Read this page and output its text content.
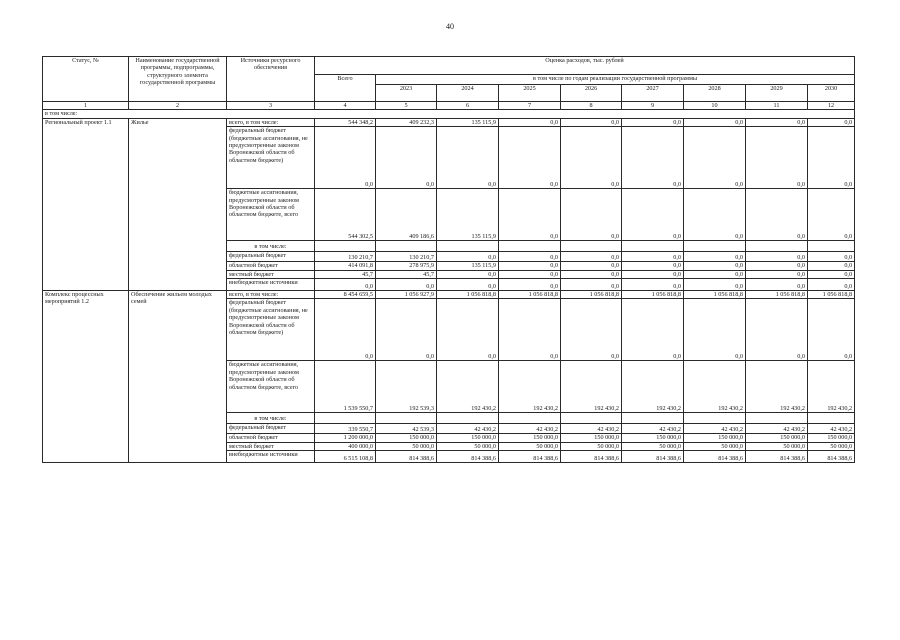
40
Статус, №	Наименование государственной программы, подпрограммы, структурного элемента государственной программы	Источники ресурсного обеспечения	Оценка расходов, тыс. рублей								
			Всего	в том числе по годам реализации государственной программы							
				2023	2024	2025	2026	2027	2028	2029	2030
1	2	3	4	5	6	7	8	9	10	11	12
в том числе:											
Региональный проект 1.1	Жилье	всего, в том числе:	544 348,2	409 232,3	135 115,9	0,0	0,0	0,0	0,0	0,0	0,0
		федеральный бюджет (бюджетные ассигнования, не предусмотренные законом Воронежской области об областном бюджете)	0,0	0,0	0,0	0,0	0,0	0,0	0,0	0,0	0,0
		бюджетные ассигнования, предусмотренные законом Воронежской области об областном бюджете, всего	544 302,5	409 186,6	135 115,9	0,0	0,0	0,0	0,0	0,0	0,0
		в том числе:									
		федеральный бюджет	130 210,7	130 210,7	0,0	0,0	0,0	0,0	0,0	0,0	0,0
		областной бюджет	414 091,8	278 975,9	135 115,9	0,0	0,0	0,0	0,0	0,0	0,0
		местный бюджет	45,7	45,7	0,0	0,0	0,0	0,0	0,0	0,0	0,0
		внебюджетные источники	0,0	0,0	0,0	0,0	0,0	0,0	0,0	0,0	0,0
Комплекс процессных мероприятий 1.2	Обеспечение жильем молодых семей	всего, в том числе:	8 454 659,5	1 056 927,9	1 056 818,8	1 056 818,8	1 056 818,8	1 056 818,8	1 056 818,8	1 056 818,8	1 056 818,8
		федеральный бюджет (бюджетные ассигнования, не предусмотренные законом Воронежской области об областном бюджете)	0,0	0,0	0,0	0,0	0,0	0,0	0,0	0,0	0,0
		бюджетные ассигнования, предусмотренные законом Воронежской области об областном бюджете, всего	1 539 550,7	192 539,3	192 430,2	192 430,2	192 430,2	192 430,2	192 430,2	192 430,2	192 430,2
		в том числе:									
		федеральный бюджет	339 550,7	42 539,3	42 430,2	42 430,2	42 430,2	42 430,2	42 430,2	42 430,2	42 430,2
		областной бюджет	1 200 000,0	150 000,0	150 000,0	150 000,0	150 000,0	150 000,0	150 000,0	150 000,0	150 000,0
		местный бюджет	400 000,0	50 000,0	50 000,0	50 000,0	50 000,0	50 000,0	50 000,0	50 000,0	50 000,0
		внебюджетные источники	6 515 108,8	814 388,6	814 388,6	814 388,6	814 388,6	814 388,6	814 388,6	814 388,6	814 388,6
